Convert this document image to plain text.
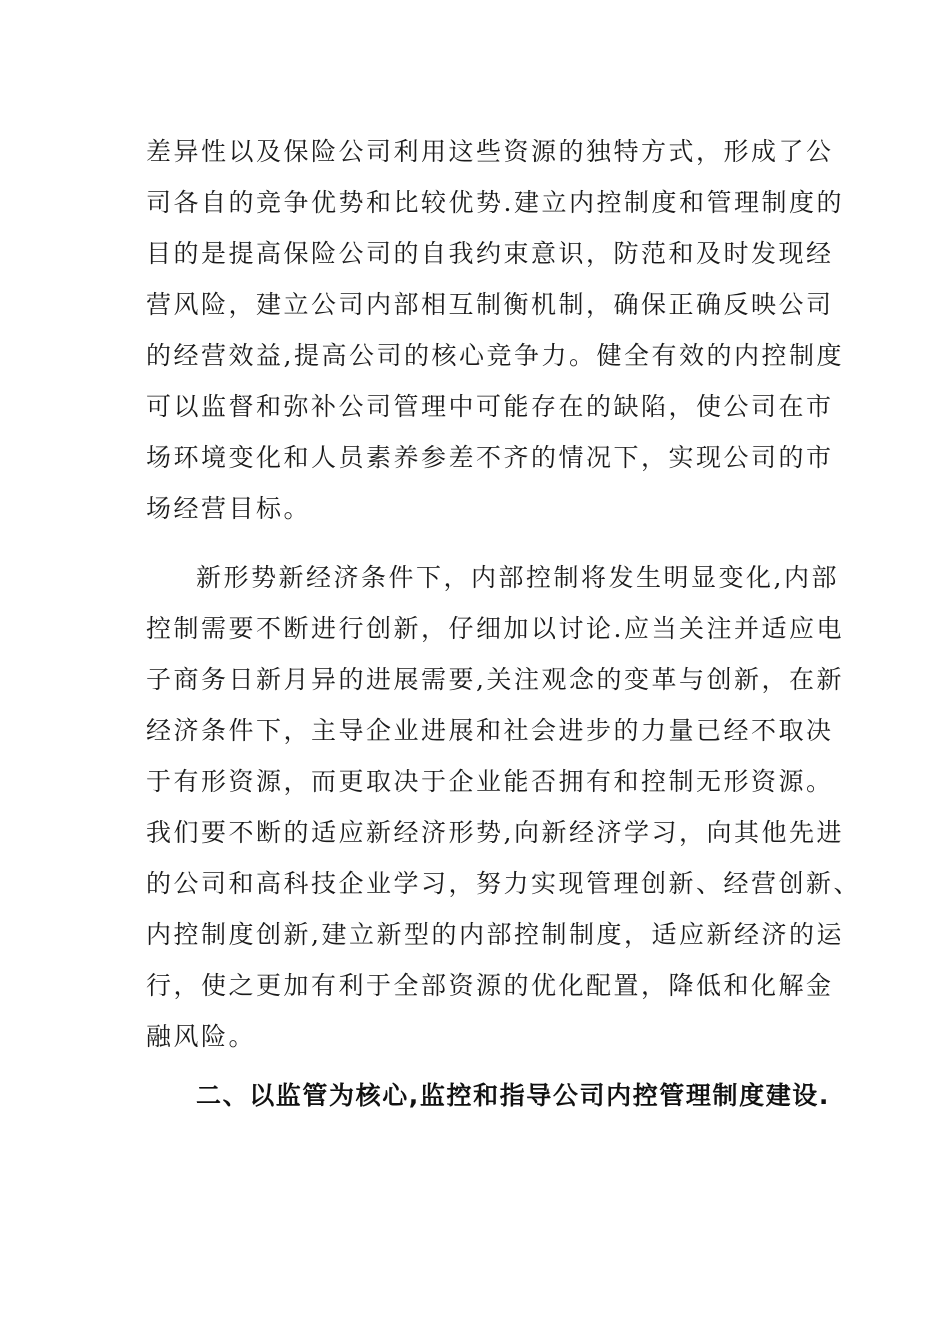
差异性以及保险公司利用这些资源的独特方式，形成了公
司各自的竞争优势和比较优势.建立内控制度和管理制度的
目的是提高保险公司的自我约束意识，防范和及时发现经
营风险，建立公司内部相互制衡机制，确保正确反映公司
的经营效益,提高公司的核心竞争力。健全有效的内控制度
可以监督和弥补公司管理中可能存在的缺陷，使公司在市
场环境变化和人员素养参差不齐的情况下，实现公司的市
场经营目标。
新形势新经济条件下，内部控制将发生明显变化,内部
控制需要不断进行创新，仔细加以讨论.应当关注并适应电
子商务日新月异的进展需要,关注观念的变革与创新，在新
经济条件下，主导企业进展和社会进步的力量已经不取决
于有形资源，而更取决于企业能否拥有和控制无形资源。
我们要不断的适应新经济形势,向新经济学习，向其他先进
的公司和高科技企业学习，努力实现管理创新、经营创新、
内控制度创新,建立新型的内部控制制度，适应新经济的运
行，使之更加有利于全部资源的优化配置，降低和化解金
融风险。
二、以监管为核心,监控和指导公司内控管理制度建设.
